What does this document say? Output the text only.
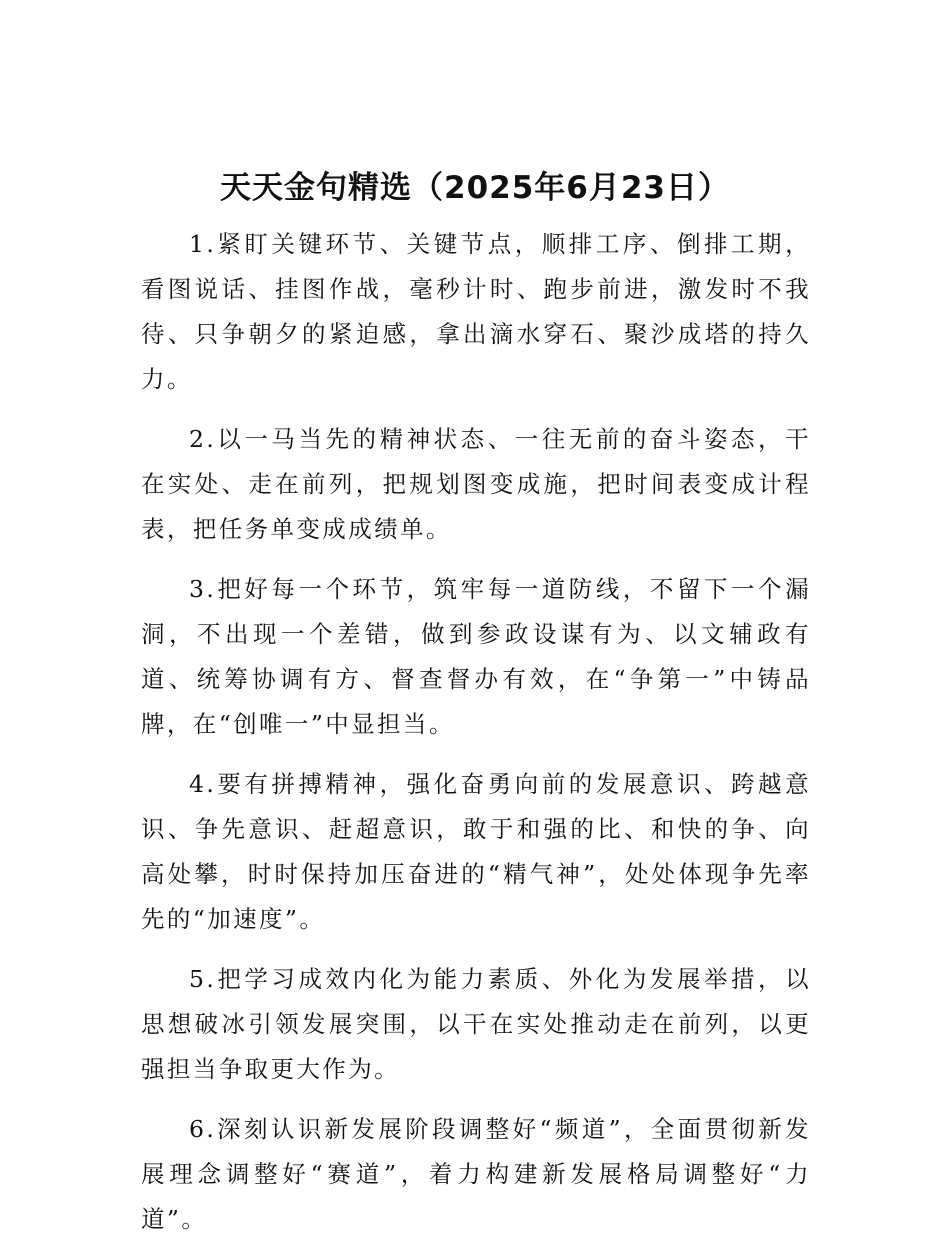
天天金句精选（2025年6月23日）

1.紧盯关键环节、关键节点，顺排工序、倒排工期，看图说话、挂图作战，毫秒计时、跑步前进，激发时不我待、只争朝夕的紧迫感，拿出滴水穿石、聚沙成塔的持久力。

2.以一马当先的精神状态、一往无前的奋斗姿态，干在实处、走在前列，把规划图变成施，把时间表变成计程表，把任务单变成成绩单。

3.把好每一个环节，筑牢每一道防线，不留下一个漏洞，不出现一个差错，做到参政设谋有为、以文辅政有道、统筹协调有方、督查督办有效，在“争第一”中铸品牌，在“创唯一”中显担当。

4.要有拼搏精神，强化奋勇向前的发展意识、跨越意识、争先意识、赶超意识，敢于和强的比、和快的争、向高处攀，时时保持加压奋进的“精气神”，处处体现争先率先的“加速度”。

5.把学习成效内化为能力素质、外化为发展举措，以思想破冰引领发展突围，以干在实处推动走在前列，以更强担当争取更大作为。

6.深刻认识新发展阶段调整好“频道”，全面贯彻新发展理念调整好“赛道”，着力构建新发展格局调整好“力道”。
